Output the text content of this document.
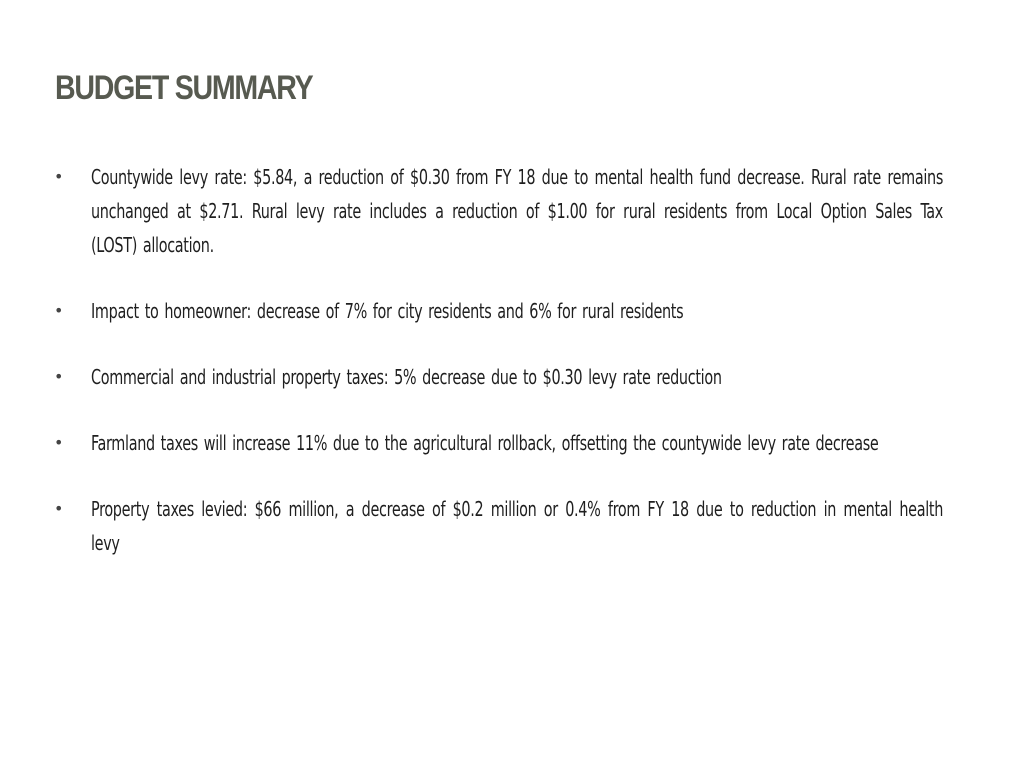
BUDGET SUMMARY
• Countywide levy rate: $5.84, a reduction of $0.30 from FY 18 due to mental health fund decrease. Rural rate remains unchanged at $2.71. Rural levy rate includes a reduction of $1.00 for rural residents from Local Option Sales Tax (LOST) allocation.
• Impact to homeowner: decrease of 7% for city residents and 6% for rural residents
• Commercial and industrial property taxes: 5% decrease due to $0.30 levy rate reduction
• Farmland taxes will increase 11% due to the agricultural rollback, offsetting the countywide levy rate decrease
• Property taxes levied: $66 million, a decrease of $0.2 million or 0.4% from FY 18 due to reduction in mental health levy
